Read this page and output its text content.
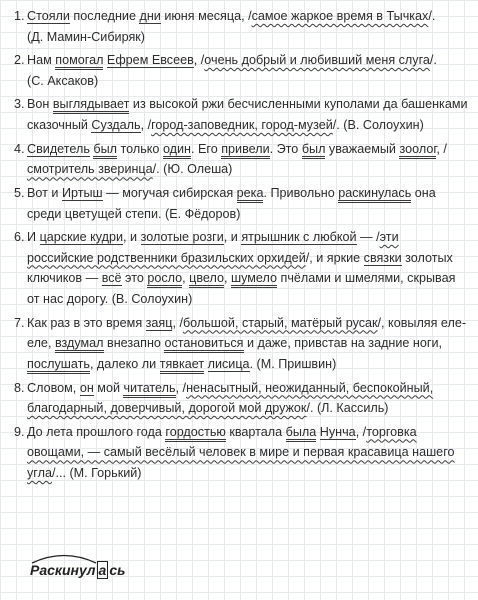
1. Стояли последние дни июня месяца, /самое жаркое время в Тычках/.
(Д. Мамин-Сибиряк)
2. Нам помогал Ефрем Евсеев, /очень добрый и любивший меня слуга/.
(С. Аксаков)
3. Вон выглядывает из высокой ржи бесчисленными куполами да башенками сказочный Суздаль, /город-заповедник, город-музей/. (В. Солоухин)
4. Свидетель был только один. Его привели. Это был уважаемый зоолог, /смотритель зверинца/. (Ю. Олеша)
5. Вот и Иртыш — могучая сибирская река. Привольно раскинулась она среди цветущей степи. (Е. Фёдоров)
6. И царские кудри, и золотые розги, и ятрышник с любкой — /эти российские родственники бразильских орхидей/, и яркие связки золотых ключиков — всё это росло, цвело, шумело пчёлами и шмелями, скрывая от нас дорогу. (В. Солоухин)
7. Как раз в это время заяц, /большой, старый, матёрый русак/, ковыляя еле-еле, вздумал внезапно остановиться и даже, привстав на задние ноги, послушать, далеко ли тявкает лисица. (М. Пришвин)
8. Словом, он мой читатель, /ненасытный, неожиданный, беспокойный, благодарный, доверчивый, дорогой мой дружок/. (Л. Кассиль)
9. До лета прошлого года гордостью квартала была Нунча, /торговка овощами, — самый весёлый человек в мире и первая красавица нашего угла/... (М. Горький)
Раскинул а сь
